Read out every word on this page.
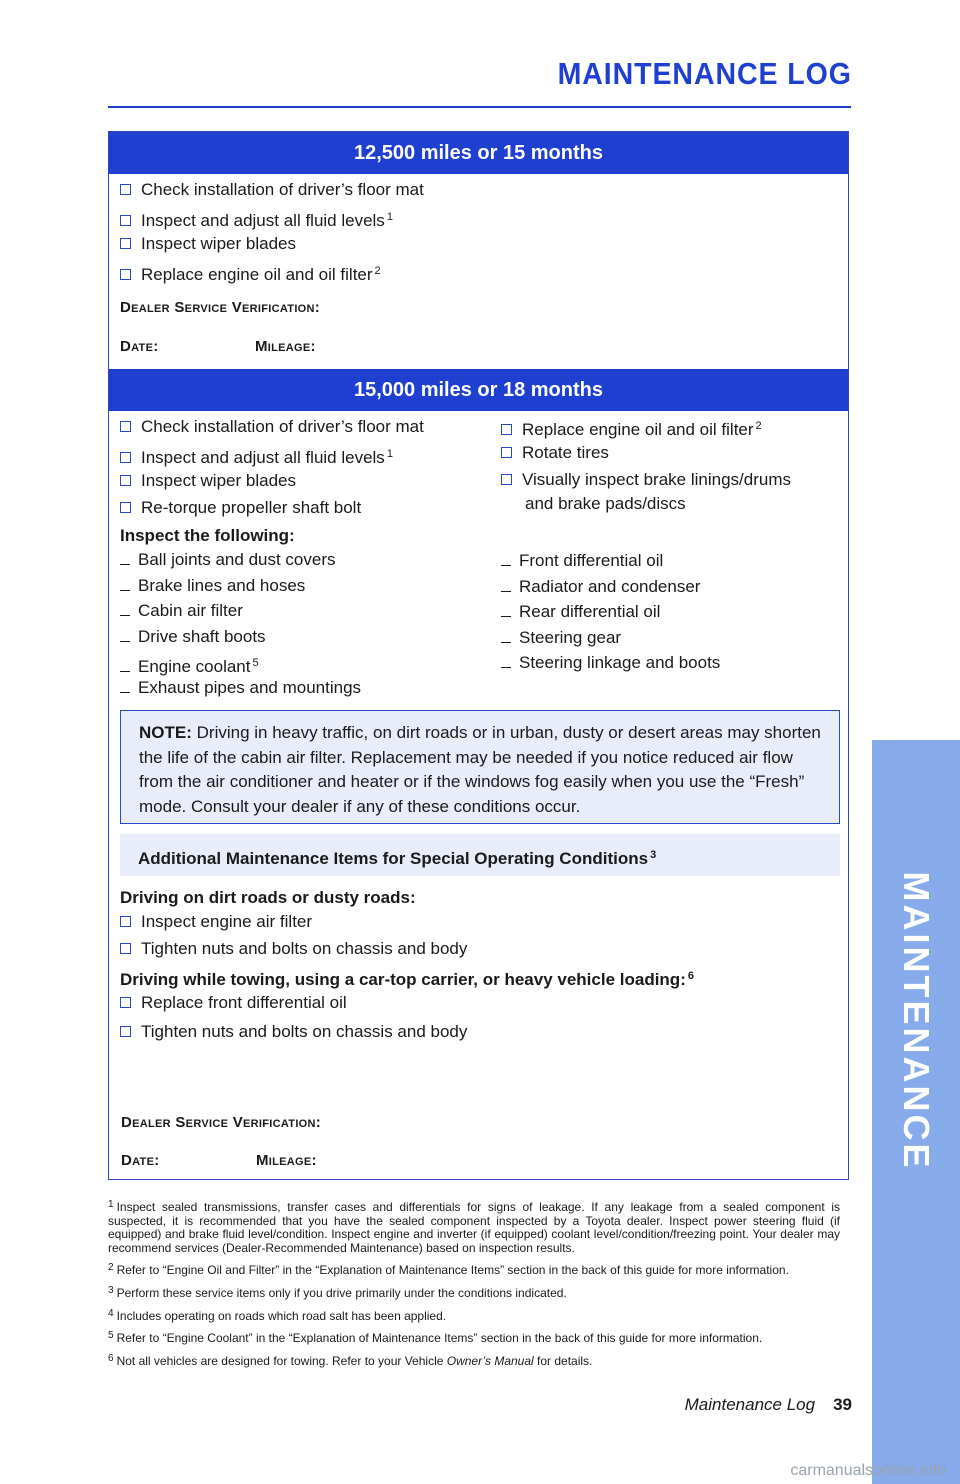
MAINTENANCE LOG
MAINTENANCE
12,500 miles or 15 months
Check installation of driver’s floor mat
Inspect and adjust all fluid levels $^1$
Inspect wiper blades
Replace engine oil and oil filter $^2$
Dealer Service Verification:
Date:	Mileage:
15,000 miles or 18 months
Check installation of driver’s floor mat
Inspect and adjust all fluid levels $^1$
Inspect wiper blades
Re-torque propeller shaft bolt
Replace engine oil and oil filter $^2$
Rotate tires
Visually inspect brake linings/drums
and brake pads/discs
Inspect the following:
Ball joints and dust covers
Brake lines and hoses
Cabin air filter
Drive shaft boots
Engine coolant $^5$
Exhaust pipes and mountings
Front differential oil
Radiator and condenser
Rear differential oil
Steering gear
Steering linkage and boots
NOTE: Driving in heavy traffic, on dirt roads or in urban, dusty or desert areas may shorten the life of the cabin air filter. Replacement may be needed if you notice reduced air flow from the air conditioner and heater or if the windows fog easily when you use the “Fresh” mode. Consult your dealer if any of these conditions occur.
Additional Maintenance Items for Special Operating Conditions $^3$
Driving on dirt roads or dusty roads:
Inspect engine air filter
Tighten nuts and bolts on chassis and body
Driving while towing, using a car-top carrier, or heavy vehicle loading: $^6$
Replace front differential oil
Tighten nuts and bolts on chassis and body
Dealer Service Verification:
Date:	Mileage:
$^1$ Inspect sealed transmissions, transfer cases and differentials for signs of leakage. If any leakage from a sealed component is suspected, it is recommended that you have the sealed component inspected by a Toyota dealer. Inspect power steering fluid (if equipped) and brake fluid level/condition. Inspect engine and inverter (if equipped) coolant level/condition/freezing point. Your dealer may recommend services (Dealer-Recommended Maintenance) based on inspection results.
$^2$ Refer to “Engine Oil and Filter” in the “Explanation of Maintenance Items” section in the back of this guide for more information.
$^3$ Perform these service items only if you drive primarily under the conditions indicated.
$^4$ Includes operating on roads which road salt has been applied.
$^5$ Refer to “Engine Coolant” in the “Explanation of Maintenance Items” section in the back of this guide for more information.
$^6$ Not all vehicles are designed for towing. Refer to your Vehicle Owner’s Manual for details.
Maintenance Log 39
carmanualsonline.info
